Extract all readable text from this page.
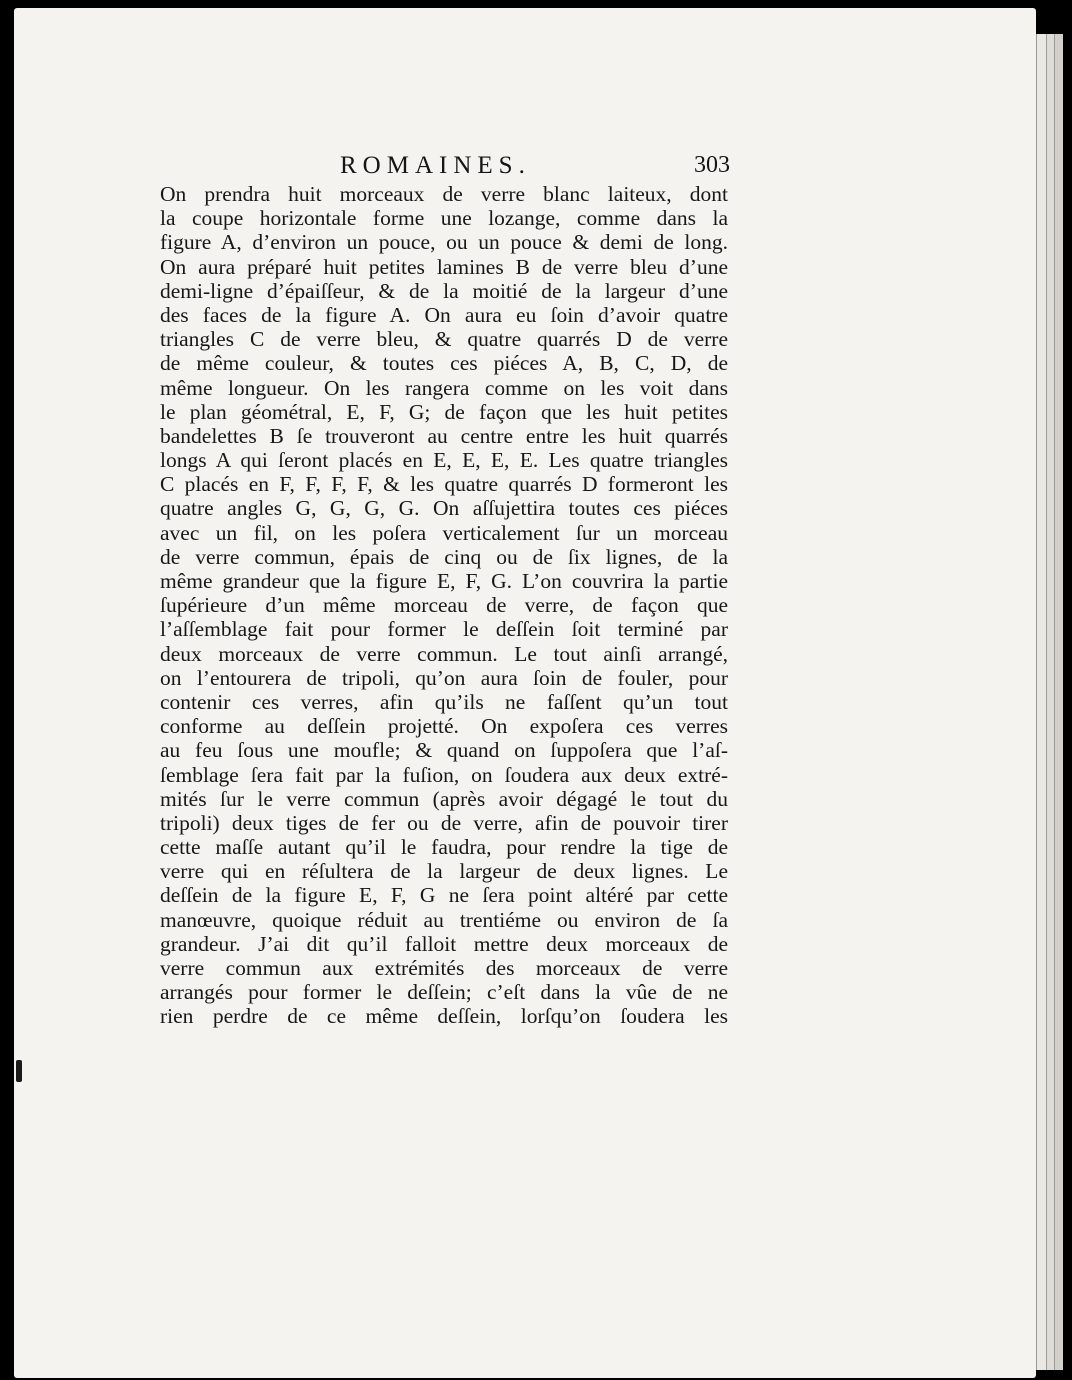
ROMAINES.	303
On prendra huit morceaux de verre blanc laiteux, dont
la coupe horizontale forme une lozange, comme dans la
figure A, d’environ un pouce, ou un pouce & demi de long.
On aura préparé huit petites lamines B de verre bleu d’une
demi-ligne d’épaiſſeur, & de la moitié de la largeur d’une
des faces de la figure A. On aura eu ſoin d’avoir quatre
triangles C de verre bleu, & quatre quarrés D de verre
de même couleur, & toutes ces piéces A, B, C, D, de
même longueur. On les rangera comme on les voit dans
le plan géométral, E, F, G; de façon que les huit petites
bandelettes B ſe trouveront au centre entre les huit quarrés
longs A qui ſeront placés en E, E, E, E. Les quatre triangles
C placés en F, F, F, F, & les quatre quarrés D formeront les
quatre angles G, G, G, G. On aſſujettira toutes ces piéces
avec un fil, on les poſera verticalement ſur un morceau
de verre commun, épais de cinq ou de ſix lignes, de la
même grandeur que la figure E, F, G. L’on couvrira la partie
ſupérieure d’un même morceau de verre, de façon que
l’aſſemblage fait pour former le deſſein ſoit terminé par
deux morceaux de verre commun. Le tout ainſi arrangé,
on l’entourera de tripoli, qu’on aura ſoin de fouler, pour
contenir ces verres, afin qu’ils ne faſſent qu’un tout
conforme au deſſein projetté. On expoſera ces verres
au feu ſous une moufle; & quand on ſuppoſera que l’aſ-
ſemblage ſera fait par la fuſion, on ſoudera aux deux extré-
mités ſur le verre commun (après avoir dégagé le tout du
tripoli) deux tiges de fer ou de verre, afin de pouvoir tirer
cette maſſe autant qu’il le faudra, pour rendre la tige de
verre qui en réſultera de la largeur de deux lignes. Le
deſſein de la figure E, F, G ne ſera point altéré par cette
manœuvre, quoique réduit au trentiéme ou environ de ſa
grandeur. J’ai dit qu’il falloit mettre deux morceaux de
verre commun aux extrémités des morceaux de verre
arrangés pour former le deſſein; c’eſt dans la vûe de ne
rien perdre de ce même deſſein, lorſqu’on ſoudera les
